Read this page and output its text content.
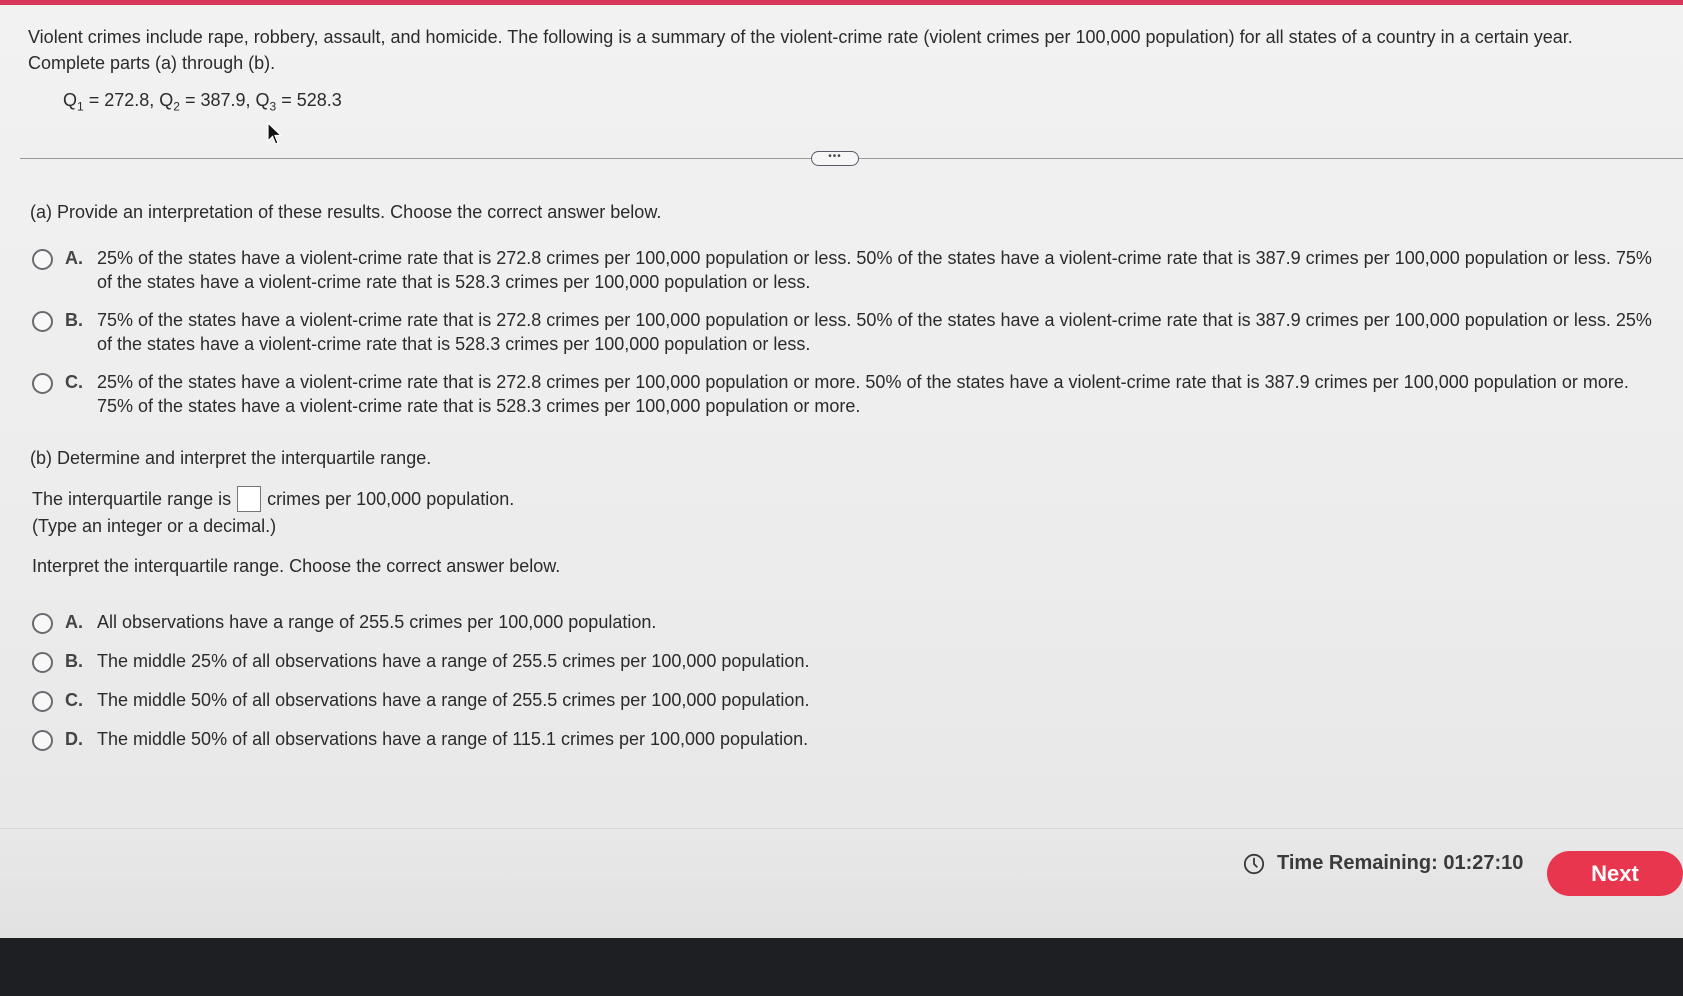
Violent crimes include rape, robbery, assault, and homicide. The following is a summary of the violent-crime rate (violent crimes per 100,000 population) for all states of a country in a certain year.
Complete parts (a) through (b).
$Q_1 = 272.8$, $Q_2 = 387.9$, $Q_3 = 528.3$
•••
(a) Provide an interpretation of these results. Choose the correct answer below.
A. 25% of the states have a violent-crime rate that is 272.8 crimes per 100,000 population or less. 50% of the states have a violent-crime rate that is 387.9 crimes per 100,000 population or less. 75% of the states have a violent-crime rate that is 528.3 crimes per 100,000 population or less.
B. 75% of the states have a violent-crime rate that is 272.8 crimes per 100,000 population or less. 50% of the states have a violent-crime rate that is 387.9 crimes per 100,000 population or less. 25% of the states have a violent-crime rate that is 528.3 crimes per 100,000 population or less.
C. 25% of the states have a violent-crime rate that is 272.8 crimes per 100,000 population or more. 50% of the states have a violent-crime rate that is 387.9 crimes per 100,000 population or more. 75% of the states have a violent-crime rate that is 528.3 crimes per 100,000 population or more.
(b) Determine and interpret the interquartile range.
The interquartile range is crimes per 100,000 population.
(Type an integer or a decimal.)
Interpret the interquartile range. Choose the correct answer below.
A. All observations have a range of 255.5 crimes per 100,000 population.
B. The middle 25% of all observations have a range of 255.5 crimes per 100,000 population.
C. The middle 50% of all observations have a range of 255.5 crimes per 100,000 population.
D. The middle 50% of all observations have a range of 115.1 crimes per 100,000 population.
Time Remaining: 01:27:10	Next
